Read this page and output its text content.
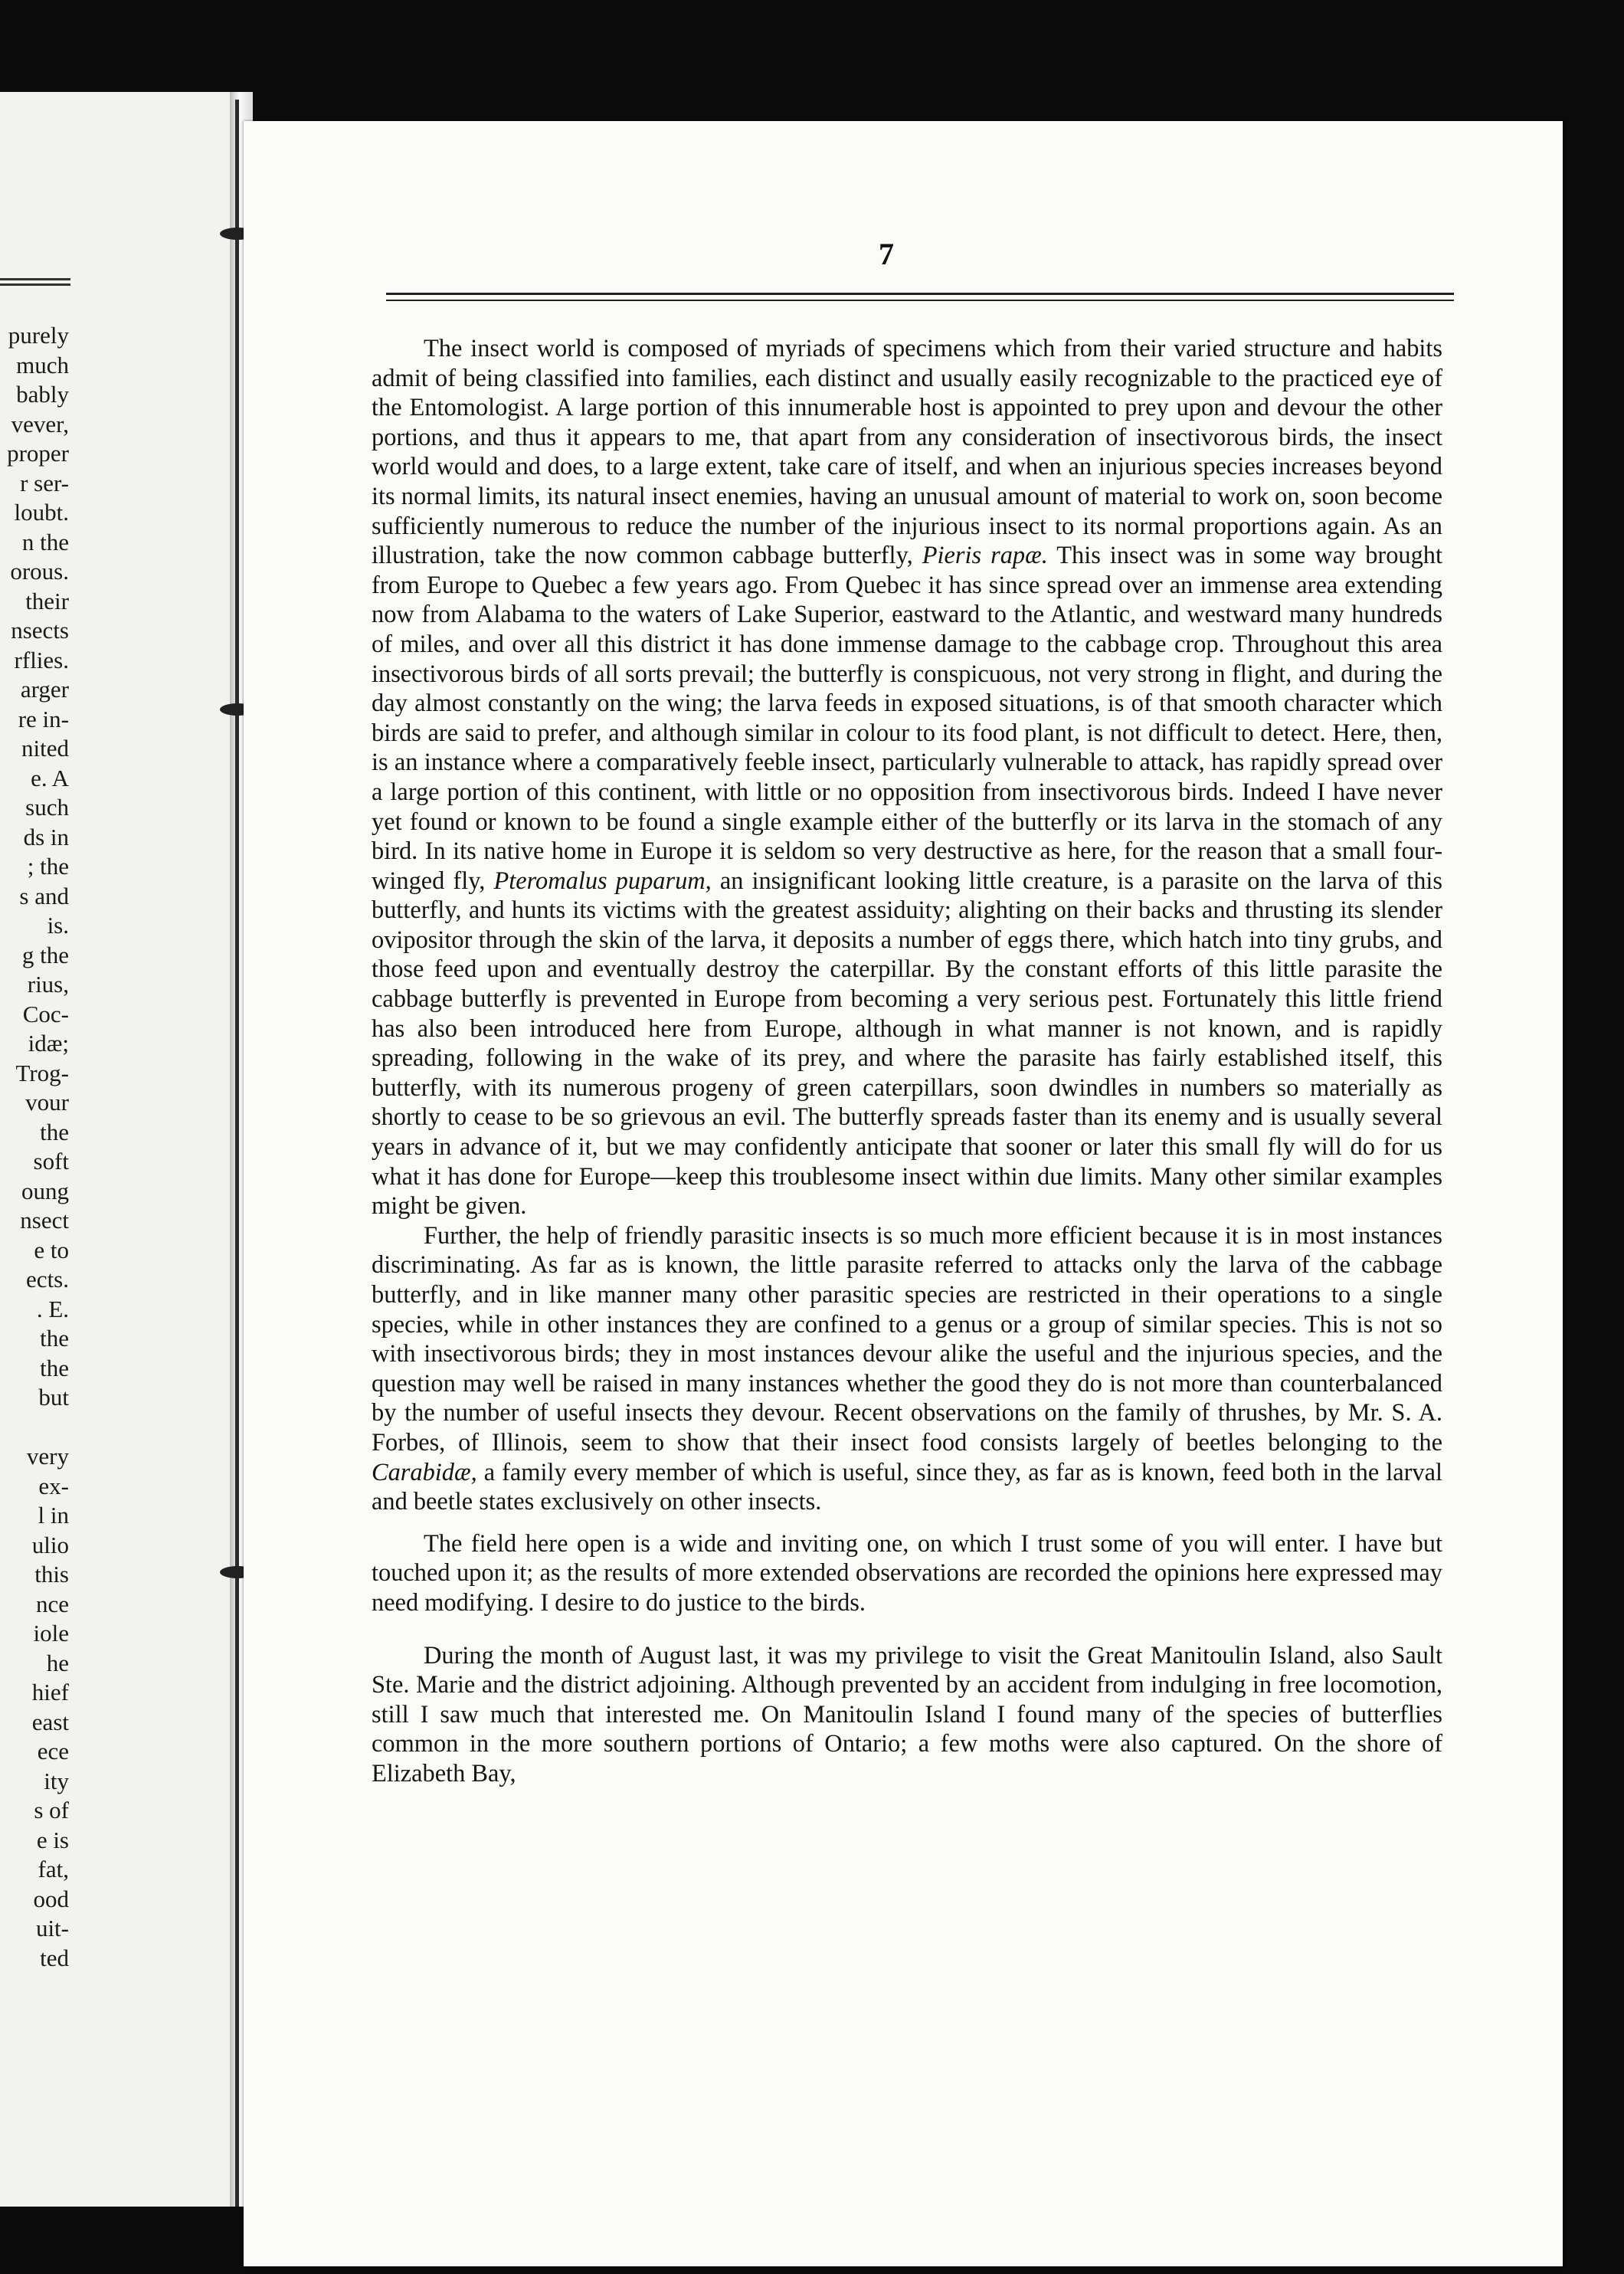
purely
much
bably
vever,
proper
r ser-
loubt.
n the
orous.
their
nsects
rflies.
arger
re in-
nited
e. A
such
ds in
; the
s and
is.
g the
rius,
Coc-
idæ;
Trog-
vour
the
soft
oung
nsect
e to
ects.
. E.
the
the
but
very
ex-
l in
ulio
this
nce
iole
he
hief
east
ece
ity
s of
e is
fat,
ood
uit-
ted
7

The insect world is composed of myriads of specimens which from their varied structure and habits admit of being classified into families, each distinct and usually easily recognizable to the practiced eye of the Entomologist. A large portion of this innumerable host is appointed to prey upon and devour the other portions, and thus it appears to me, that apart from any consideration of insectivorous birds, the insect world would and does, to a large extent, take care of itself, and when an injurious species increases beyond its normal limits, its natural insect enemies, having an unusual amount of material to work on, soon become sufficiently numerous to reduce the number of the injurious insect to its normal proportions again. As an illustration, take the now common cabbage butterfly, Pieris rapæ. This insect was in some way brought from Europe to Quebec a few years ago. From Quebec it has since spread over an immense area extending now from Alabama to the waters of Lake Superior, eastward to the Atlantic, and westward many hundreds of miles, and over all this district it has done immense damage to the cabbage crop. Throughout this area insectivorous birds of all sorts prevail; the butterfly is conspicuous, not very strong in flight, and during the day almost constantly on the wing; the larva feeds in exposed situations, is of that smooth character which birds are said to prefer, and although similar in colour to its food plant, is not difficult to detect. Here, then, is an instance where a comparatively feeble insect, particularly vulnerable to attack, has rapidly spread over a large portion of this continent, with little or no opposition from insectivorous birds. Indeed I have never yet found or known to be found a single example either of the butterfly or its larva in the stomach of any bird. In its native home in Europe it is seldom so very destructive as here, for the reason that a small four-winged fly, Pteromalus puparum, an insignificant looking little creature, is a parasite on the larva of this butterfly, and hunts its victims with the greatest assiduity; alighting on their backs and thrusting its slender ovipositor through the skin of the larva, it deposits a number of eggs there, which hatch into tiny grubs, and those feed upon and eventually destroy the caterpillar. By the constant efforts of this little parasite the cabbage butterfly is prevented in Europe from becoming a very serious pest. Fortunately this little friend has also been introduced here from Europe, although in what manner is not known, and is rapidly spreading, following in the wake of its prey, and where the parasite has fairly established itself, this butterfly, with its numerous progeny of green caterpillars, soon dwindles in numbers so materially as shortly to cease to be so grievous an evil. The butterfly spreads faster than its enemy and is usually several years in advance of it, but we may confidently anticipate that sooner or later this small fly will do for us what it has done for Europe—keep this troublesome insect within due limits. Many other similar examples might be given.

Further, the help of friendly parasitic insects is so much more efficient because it is in most instances discriminating. As far as is known, the little parasite referred to attacks only the larva of the cabbage butterfly, and in like manner many other parasitic species are restricted in their operations to a single species, while in other instances they are confined to a genus or a group of similar species. This is not so with insectivorous birds; they in most instances devour alike the useful and the injurious species, and the question may well be raised in many instances whether the good they do is not more than counterbalanced by the number of useful insects they devour. Recent observations on the family of thrushes, by Mr. S. A. Forbes, of Illinois, seem to show that their insect food consists largely of beetles belonging to the Carabidæ, a family every member of which is useful, since they, as far as is known, feed both in the larval and beetle states exclusively on other insects.

The field here open is a wide and inviting one, on which I trust some of you will enter. I have but touched upon it; as the results of more extended observations are recorded the opinions here expressed may need modifying. I desire to do justice to the birds.

During the month of August last, it was my privilege to visit the Great Manitoulin Island, also Sault Ste. Marie and the district adjoining. Although prevented by an accident from indulging in free locomotion, still I saw much that interested me. On Manitoulin Island I found many of the species of butterflies common in the more southern portions of Ontario; a few moths were also captured. On the shore of Elizabeth Bay,
